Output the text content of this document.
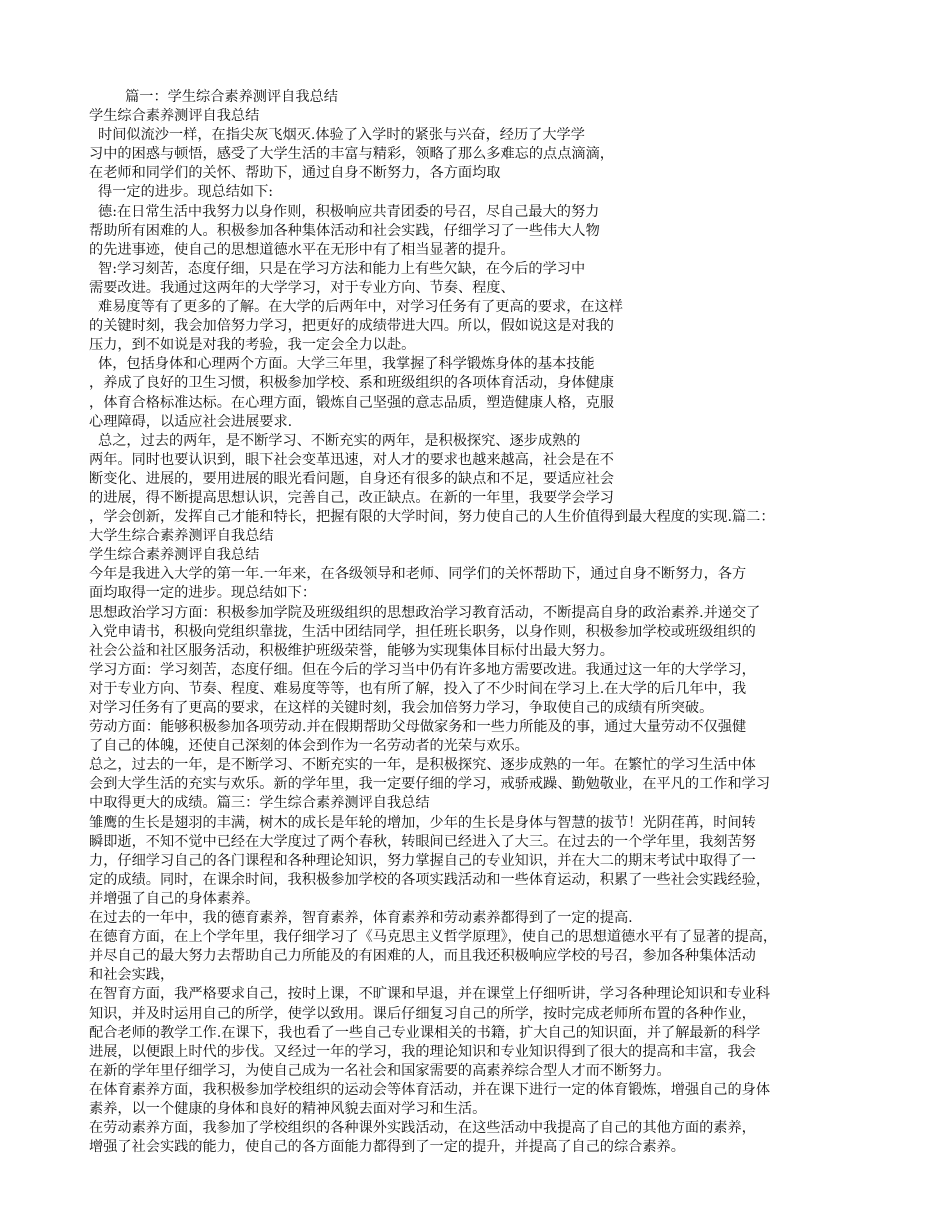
篇一：学生综合素养测评自我总结
学生综合素养测评自我总结
时间似流沙一样，在指尖灰飞烟灭.体验了入学时的紧张与兴奋，经历了大学学
习中的困惑与顿悟，感受了大学生活的丰富与精彩，领略了那么多难忘的点点滴滴，
在老师和同学们的关怀、帮助下，通过自身不断努力，各方面均取
得一定的进步。现总结如下:
德:在日常生活中我努力以身作则，积极响应共青团委的号召，尽自己最大的努力
帮助所有困难的人。积极参加各种集体活动和社会实践，仔细学习了一些伟大人物
的先进事迹，使自己的思想道德水平在无形中有了相当显著的提升。
智:学习刻苦，态度仔细，只是在学习方法和能力上有些欠缺，在今后的学习中
需要改进。我通过这两年的大学学习，对于专业方向、节奏、程度、
难易度等有了更多的了解。在大学的后两年中，对学习任务有了更高的要求，在这样
的关键时刻，我会加倍努力学习，把更好的成绩带进大四。所以，假如说这是对我的
压力，到不如说是对我的考验，我一定会全力以赴。
体，包括身体和心理两个方面。大学三年里，我掌握了科学锻炼身体的基本技能
，养成了良好的卫生习惯，积极参加学校、系和班级组织的各项体育活动，身体健康
，体育合格标准达标。在心理方面，锻炼自己坚强的意志品质，塑造健康人格，克服
心理障碍，以适应社会进展要求.
总之，过去的两年，是不断学习、不断充实的两年，是积极探究、逐步成熟的
两年。同时也要认识到，眼下社会变革迅速，对人才的要求也越来越高，社会是在不
断变化、进展的，要用进展的眼光看问题，自身还有很多的缺点和不足，要适应社会
的进展，得不断提高思想认识，完善自己，改正缺点。在新的一年里，我要学会学习
，学会创新，发挥自己才能和特长，把握有限的大学时间，努力使自己的人生价值得到最大程度的实现.篇二：
大学生综合素养测评自我总结
学生综合素养测评自我总结
今年是我进入大学的第一年.一年来，在各级领导和老师、同学们的关怀帮助下，通过自身不断努力，各方
面均取得一定的进步。现总结如下：
思想政治学习方面：积极参加学院及班级组织的思想政治学习教育活动，不断提高自身的政治素养.并递交了
入党申请书，积极向党组织靠拢，生活中团结同学，担任班长职务，以身作则，积极参加学校或班级组织的
社会公益和社区服务活动，积极维护班级荣誉，能够为实现集体目标付出最大努力。
学习方面：学习刻苦，态度仔细。但在今后的学习当中仍有许多地方需要改进。我通过这一年的大学学习，
对于专业方向、节奏、程度、难易度等等，也有所了解，投入了不少时间在学习上.在大学的后几年中，我
对学习任务有了更高的要求，在这样的关键时刻，我会加倍努力学习，争取使自己的成绩有所突破。
劳动方面：能够积极参加各项劳动.并在假期帮助父母做家务和一些力所能及的事，通过大量劳动不仅强健
了自己的体魄，还使自己深刻的体会到作为一名劳动者的光荣与欢乐。
总之，过去的一年，是不断学习、不断充实的一年，是积极探究、逐步成熟的一年。在繁忙的学习生活中体
会到大学生活的充实与欢乐。新的学年里，我一定要仔细的学习，戒骄戒躁、勤勉敬业，在平凡的工作和学习
中取得更大的成绩。篇三：学生综合素养测评自我总结
雏鹰的生长是翅羽的丰满，树木的成长是年轮的增加，少年的生长是身体与智慧的拔节！光阴荏苒，时间转
瞬即逝，不知不觉中已经在大学度过了两个春秋，转眼间已经进入了大三。在过去的一个学年里，我刻苦努
力，仔细学习自己的各门课程和各种理论知识，努力掌握自己的专业知识，并在大二的期末考试中取得了一
定的成绩。同时，在课余时间，我积极参加学校的各项实践活动和一些体育运动，积累了一些社会实践经验，
并增强了自己的身体素养。
在过去的一年中，我的德育素养，智育素养，体育素养和劳动素养都得到了一定的提高.
在德育方面，在上个学年里，我仔细学习了《马克思主义哲学原理》，使自己的思想道德水平有了显著的提高，
并尽自己的最大努力去帮助自己力所能及的有困难的人，而且我还积极响应学校的号召，参加各种集体活动
和社会实践，
在智育方面，我严格要求自己，按时上课，不旷课和早退，并在课堂上仔细听讲，学习各种理论知识和专业科
知识，并及时运用自己的所学，使学以致用。课后仔细复习自己的所学，按时完成老师所布置的各种作业，
配合老师的教学工作.在课下，我也看了一些自己专业课相关的书籍，扩大自己的知识面，并了解最新的科学
进展，以便跟上时代的步伐。又经过一年的学习，我的理论知识和专业知识得到了很大的提高和丰富，我会
在新的学年里仔细学习，为使自己成为一名社会和国家需要的高素养综合型人才而不断努力。
在体育素养方面，我积极参加学校组织的运动会等体育活动，并在课下进行一定的体育锻炼，增强自己的身体
素养，以一个健康的身体和良好的精神风貌去面对学习和生活。
在劳动素养方面，我参加了学校组织的各种课外实践活动，在这些活动中我提高了自己的其他方面的素养，
增强了社会实践的能力，使自己的各方面能力都得到了一定的提升，并提高了自己的综合素养。
